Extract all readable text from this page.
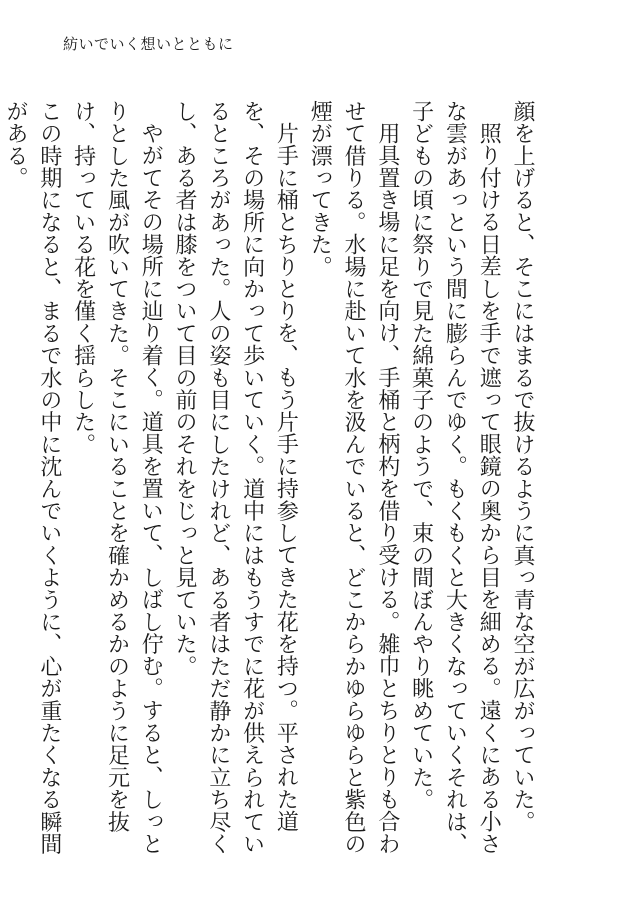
紡いでいく想いとともに

顔を上げると、そこにはまるで抜けるように真っ青な空が広がっていた。

照り付ける日差しを手で遮って眼鏡の奥から目を細める。遠くにある小さな雲があっという間に膨らんでゆく。もくもくと大きくなっていくそれは、子どもの頃に祭りで見た綿菓子のようで、束の間ぼんやり眺めていた。

用具置き場に足を向け、手桶と柄杓を借り受ける。雑巾とちりとりも合わせて借りる。水場に赴いて水を汲んでいると、どこからかゆらゆらと紫色の煙が漂ってきた。

片手に桶とちりとりを、もう片手に持参してきた花を持つ。平された道を、その場所に向かって歩いていく。道中にはもうすでに花が供えられているところがあった。人の姿も目にしたけれど、ある者はただ静かに立ち尽くし、ある者は膝をついて目の前のそれをじっと見ていた。

やがてその場所に辿り着く。道具を置いて、しばし佇む。すると、しっとりとした風が吹いてきた。そこにいることを確かめるかのように足元を抜け、持っている花を僅く揺らした。

この時期になると、まるで水の中に沈んでいくように、心が重たくなる瞬間がある。
